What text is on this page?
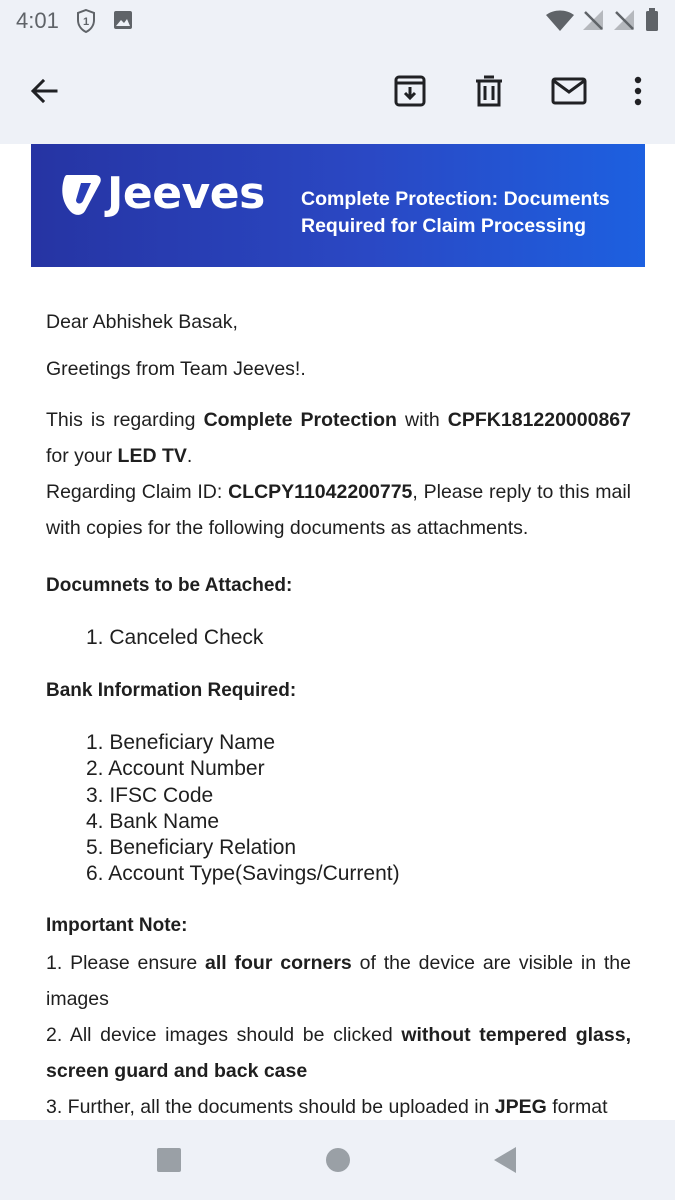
4:01 1
Jeeves Complete Protection: Documents Required for Claim Processing
Dear Abhishek Basak,
Greetings from Team Jeeves!.
This is regarding Complete Protection with CPFK181220000867 for your LED TV.
Regarding Claim ID: CLCPY11042200775, Please reply to this mail with copies for the following documents as attachments.
Documnets to be Attached:
1. Canceled Check
Bank Information Required:
1. Beneficiary Name
2. Account Number
3. IFSC Code
4. Bank Name
5. Beneficiary Relation
6. Account Type(Savings/Current)
Important Note:
1. Please ensure all four corners of the device are visible in the images
2. All device images should be clicked without tempered glass, screen guard and back case
3. Further, all the documents should be uploaded in JPEG format
